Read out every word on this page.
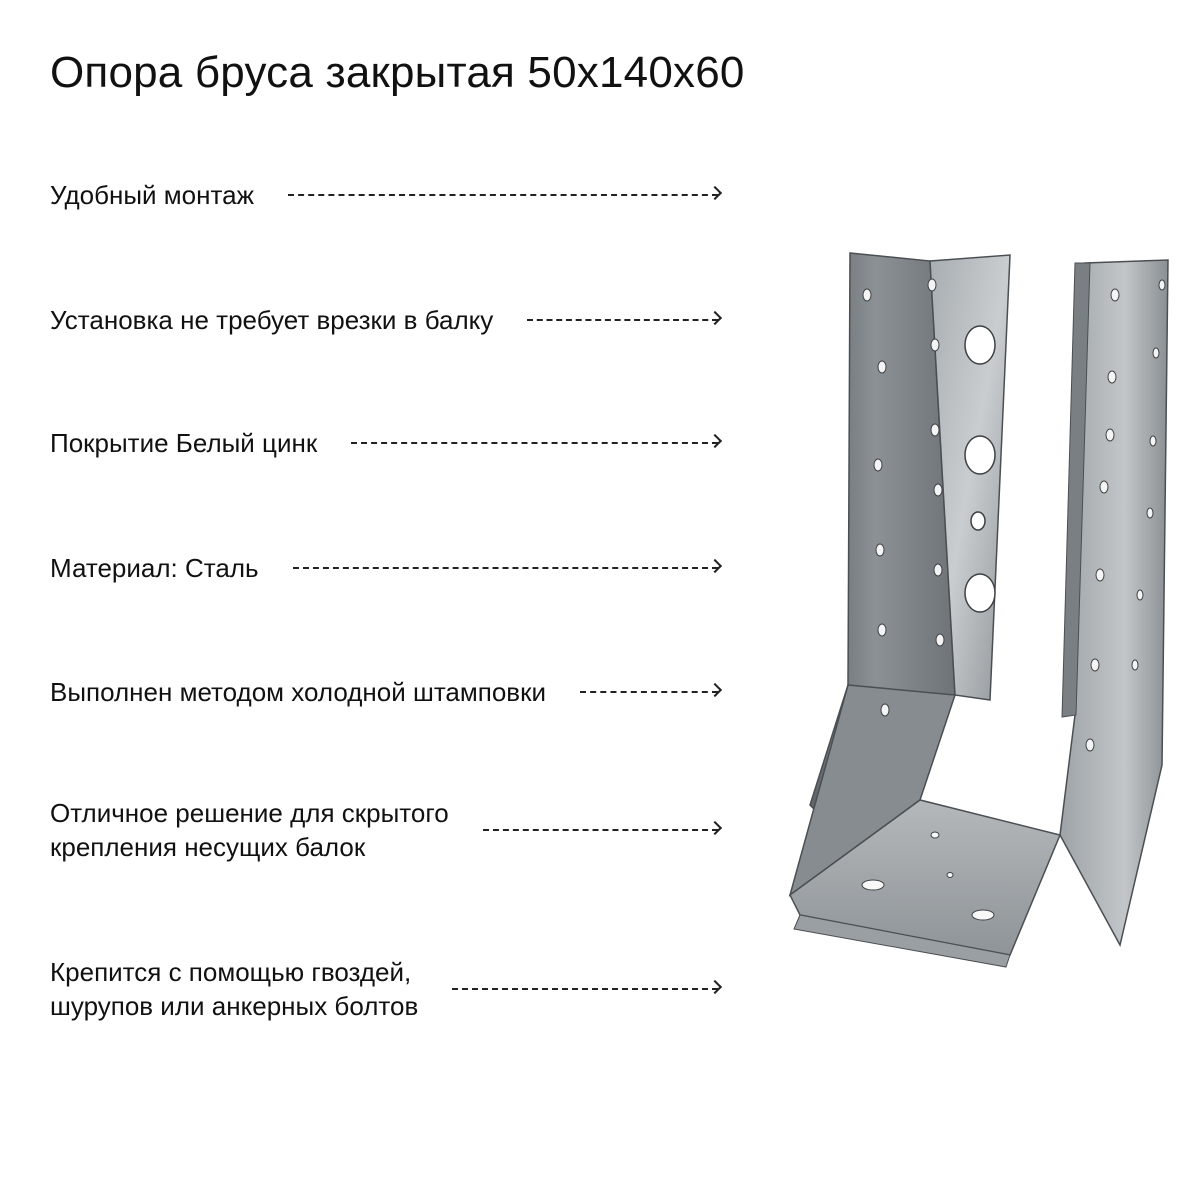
Опора бруса закрытая 50х140х60
Удобный монтаж
Установка не требует врезки в балку
Покрытие Белый цинк
Материал: Сталь
Выполнен методом холодной штамповки
Отличное решение для скрытого
крепления несущих балок
Крепится с помощью гвоздей,
шурупов или анкерных болтов
